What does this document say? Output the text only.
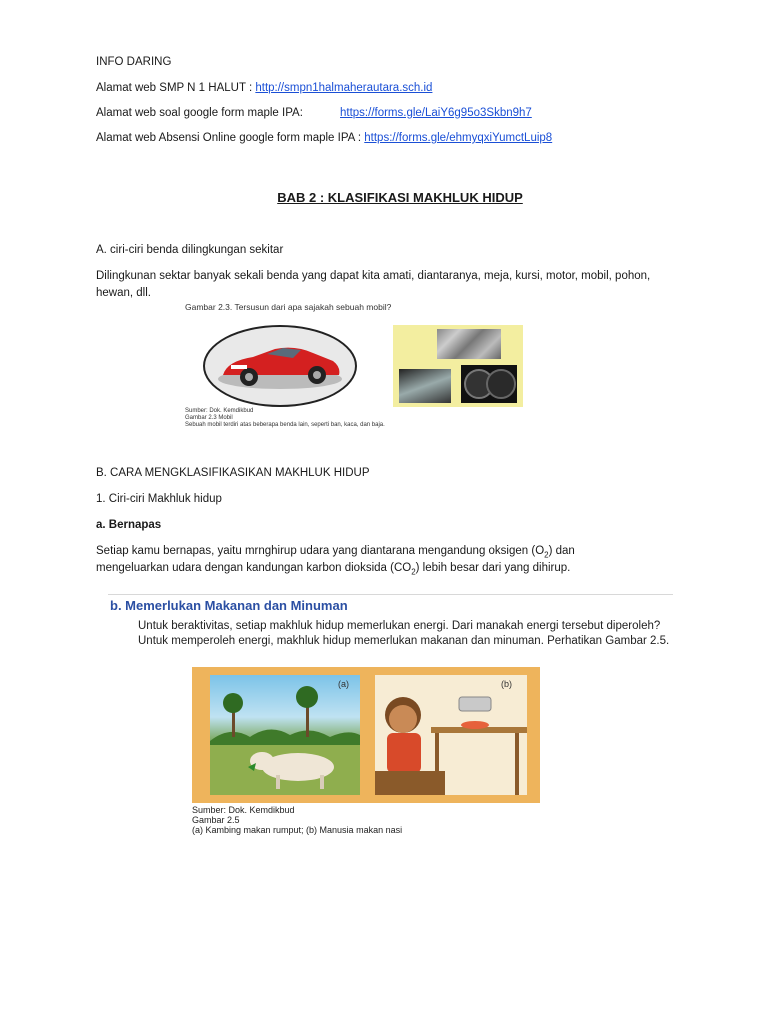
INFO DARING
Alamat web SMP N 1 HALUT : http://smpn1halmaherautara.sch.id
Alamat web soal google form maple IPA:	https://forms.gle/LaiY6g95o3Skbn9h7
Alamat web Absensi Online google form maple IPA : https://forms.gle/ehmyqxiYumctLuip8
BAB 2 : KLASIFIKASI MAKHLUK HIDUP
A. ciri-ciri benda dilingkungan sekitar
Dilingkunan sektar banyak sekali benda yang dapat kita amati, diantaranya, meja, kursi, motor, mobil, pohon, hewan, dll.
Gambar 2.3. Tersusun dari apa sajakah sebuah mobil?
Sumber: Dok. Kemdikbud
Gambar 2.3 Mobil
Sebuah mobil terdiri atas beberapa benda lain, seperti ban, kaca, dan baja.
B. CARA MENGKLASIFIKASIKAN MAKHLUK HIDUP
1. Ciri-ciri Makhluk hidup
a. Bernapas
Setiap kamu bernapas, yaitu mrnghirup udara yang diantarana mengandung oksigen $(O_2)$ dan
mengeluarkan udara dengan kandungan karbon dioksida $(CO_2)$ lebih besar dari yang dihirup.
b. Memerlukan Makanan dan Minuman
Untuk beraktivitas, setiap makhluk hidup memerlukan energi. Dari manakah energi tersebut diperoleh? Untuk memperoleh energi, makhluk hidup memerlukan makanan dan minuman. Perhatikan Gambar 2.5.
(a)	(b)
Sumber: Dok. Kemdikbud
Gambar 2.5
(a) Kambing makan rumput; (b) Manusia makan nasi
